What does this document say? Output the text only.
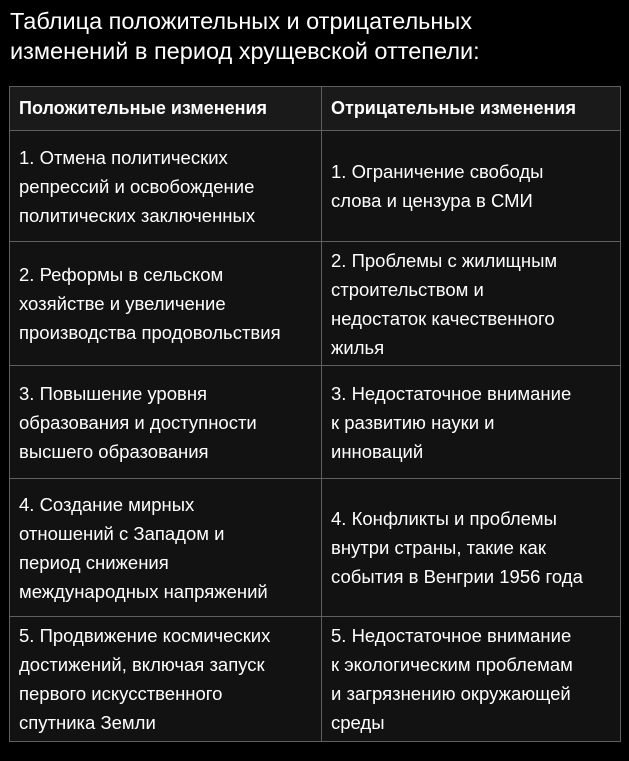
Таблица положительных и отрицательных
изменений в период хрущевской оттепели:
Положительные изменения	Отрицательные изменения

1. Отмена политических
репрессий и освобождение
политических заключенных	1. Ограничение свободы
слова и цензура в СМИ

2. Реформы в сельском
хозяйстве и увеличение
производства продовольствия	2. Проблемы с жилищным
строительством и
недостаток качественного
жилья

3. Повышение уровня
образования и доступности
высшего образования	3. Недостаточное внимание
к развитию науки и
инноваций

4. Создание мирных
отношений с Западом и
период снижения
международных напряжений	4. Конфликты и проблемы
внутри страны, такие как
события в Венгрии 1956 года

5. Продвижение космических
достижений, включая запуск
первого искусственного
спутника Земли	5. Недостаточное внимание
к экологическим проблемам
и загрязнению окружающей
среды
